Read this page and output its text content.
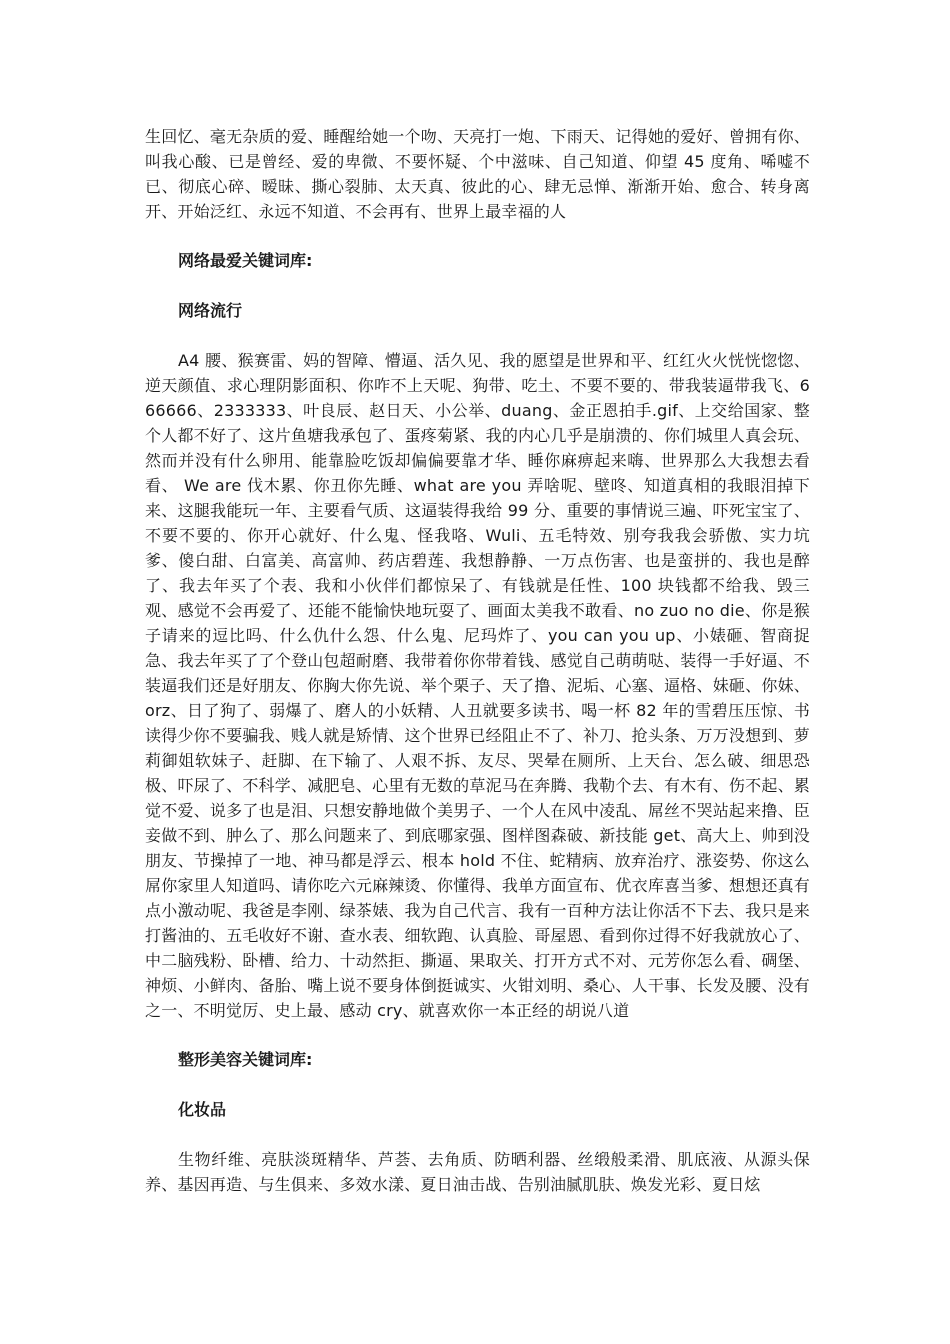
生回忆、毫无杂质的爱、睡醒给她一个吻、天亮打一炮、下雨天、记得她的爱好、曾拥有你、叫我心酸、已是曾经、爱的卑微、不要怀疑、个中滋味、自己知道、仰望 45 度角、唏嘘不已、彻底心碎、暧昧、撕心裂肺、太天真、彼此的心、肆无忌惮、渐渐开始、愈合、转身离开、开始泛红、永远不知道、不会再有、世界上最幸福的人

网络最爱关键词库:

网络流行

A4 腰、猴赛雷、妈的智障、懵逼、活久见、我的愿望是世界和平、红红火火恍恍惚惚、逆天颜值、求心理阴影面积、你咋不上天呢、狗带、吃土、不要不要的、带我装逼带我飞、666666、2333333、叶良辰、赵日天、小公举、duang、金正恩拍手.gif、上交给国家、整个人都不好了、这片鱼塘我承包了、蛋疼菊紧、我的内心几乎是崩溃的、你们城里人真会玩、然而并没有什么卵用、能靠脸吃饭却偏偏要靠才华、睡你麻痹起来嗨、世界那么大我想去看看、 We are 伐木累、你丑你先睡、what are you 弄啥呢、壁咚、知道真相的我眼泪掉下来、这腿我能玩一年、主要看气质、这逼装得我给 99 分、重要的事情说三遍、吓死宝宝了、不要不要的、你开心就好、什么鬼、怪我咯、Wuli、五毛特效、别夸我我会骄傲、实力坑爹、傻白甜、白富美、高富帅、药店碧莲、我想静静、一万点伤害、也是蛮拼的、我也是醉了、我去年买了个表、我和小伙伴们都惊呆了、有钱就是任性、100 块钱都不给我、毁三观、感觉不会再爱了、还能不能愉快地玩耍了、画面太美我不敢看、no zuo no die、你是猴子请来的逗比吗、什么仇什么怨、什么鬼、尼玛炸了、you can you up、小婊砸、智商捉急、我去年买了了个登山包超耐磨、我带着你你带着钱、感觉自己萌萌哒、装得一手好逼、不装逼我们还是好朋友、你胸大你先说、举个栗子、天了撸、泥垢、心塞、逼格、妹砸、你妹、orz、日了狗了、弱爆了、磨人的小妖精、人丑就要多读书、喝一杯 82 年的雪碧压压惊、书读得少你不要骗我、贱人就是矫情、这个世界已经阻止不了、补刀、抢头条、万万没想到、萝莉御姐软妹子、赶脚、在下输了、人艰不拆、友尽、哭晕在厕所、上天台、怎么破、细思恐极、吓尿了、不科学、减肥皂、心里有无数的草泥马在奔腾、我勒个去、有木有、伤不起、累觉不爱、说多了也是泪、只想安静地做个美男子、一个人在风中凌乱、屌丝不哭站起来撸、臣妾做不到、肿么了、那么问题来了、到底哪家强、图样图森破、新技能 get、高大上、帅到没朋友、节操掉了一地、神马都是浮云、根本 hold 不住、蛇精病、放弃治疗、涨姿势、你这么屌你家里人知道吗、请你吃六元麻辣烫、你懂得、我单方面宣布、优衣库喜当爹、想想还真有点小激动呢、我爸是李刚、绿茶婊、我为自己代言、我有一百种方法让你活不下去、我只是来打酱油的、五毛收好不谢、查水表、细软跑、认真脸、哥屋恩、看到你过得不好我就放心了、中二脑残粉、卧槽、给力、十动然拒、撕逼、果取关、打开方式不对、元芳你怎么看、碉堡、神烦、小鲜肉、备胎、嘴上说不要身体倒挺诚实、火钳刘明、桑心、人干事、长发及腰、没有之一、不明觉厉、史上最、感动 cry、就喜欢你一本正经的胡说八道

整形美容关键词库:

化妆品

生物纤维、亮肤淡斑精华、芦荟、去角质、防晒利器、丝缎般柔滑、肌底液、从源头保养、基因再造、与生俱来、多效水漾、夏日油击战、告别油腻肌肤、焕发光彩、夏日炫
